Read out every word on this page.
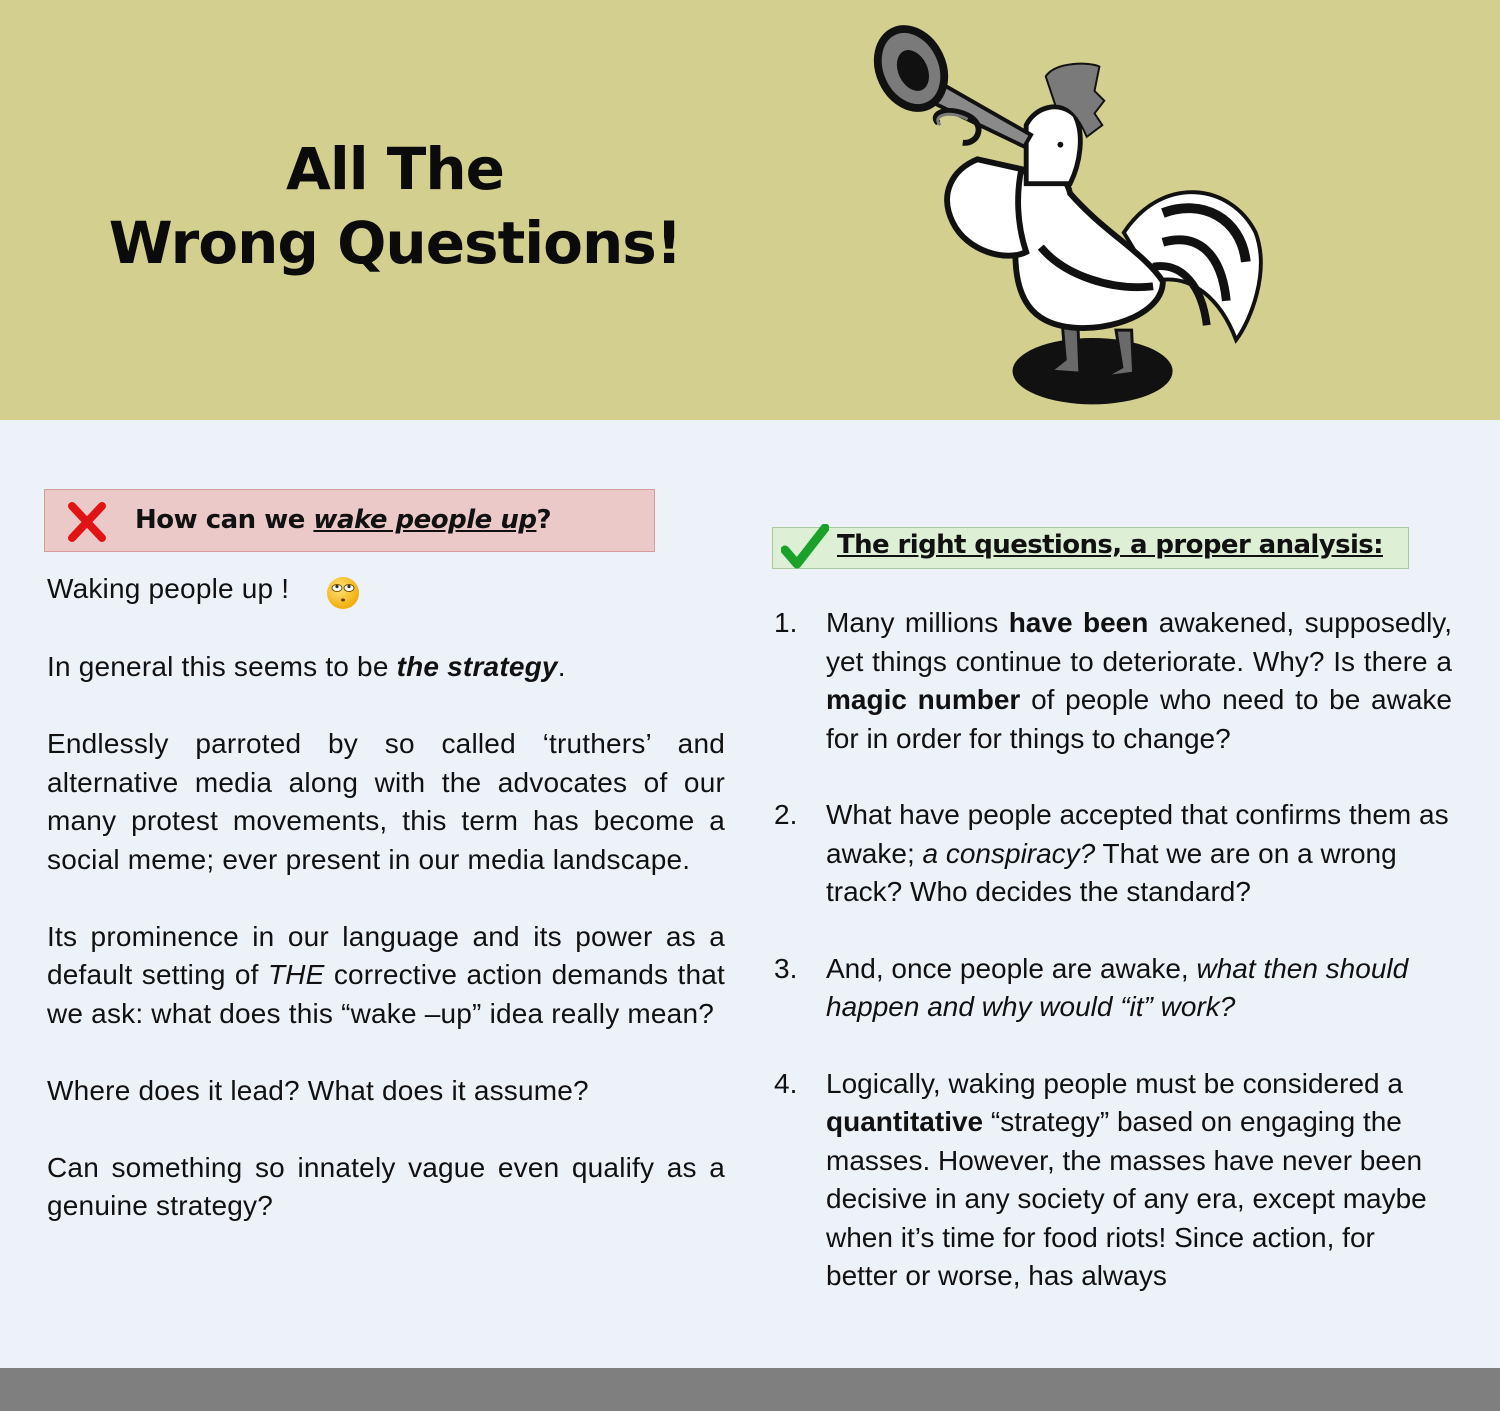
All The
Wrong Questions!
How can we wake people up?
The right questions, a proper analysis:

Waking people up !

In general this seems to be the strategy.

Endlessly parroted by so called ‘truthers’ and alternative media along with the advocates of our many protest movements, this term has become a social meme; ever present in our media landscape.

Its prominence in our language and its power as a default setting of THE corrective action demands that we ask: what does this “wake –up” idea really mean?

Where does it lead? What does it assume?

Can something so innately vague even qualify as a genuine strategy?

1. Many millions have been awakened, supposedly, yet things continue to deteriorate. Why? Is there a magic number of people who need to be awake for in order for things to change?
2. What have people accepted that confirms them as awake; a conspiracy? That we are on a wrong track? Who decides the standard?
3. And, once people are awake, what then should happen and why would “it” work?
4. Logically, waking people must be considered a quantitative “strategy” based on engaging the masses. However, the masses have never been decisive in any society of any era, except maybe when it’s time for food riots! Since action, for better or worse, has always
